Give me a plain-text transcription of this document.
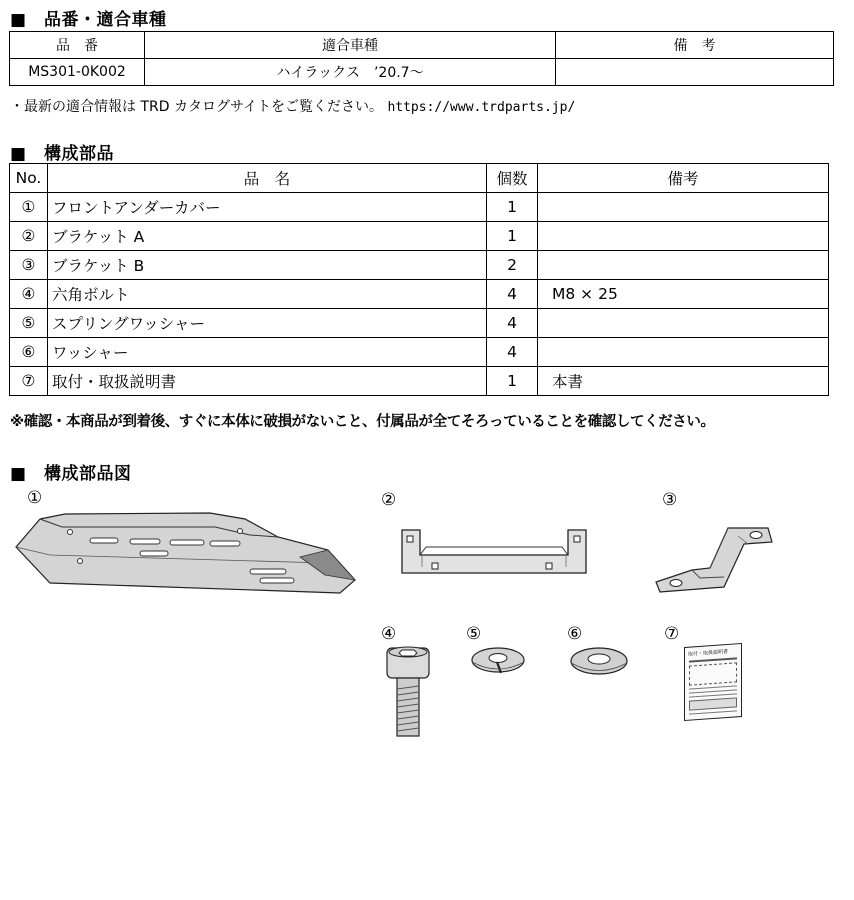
■　品番・適合車種
品　番	適合車種	備　考
MS301-0K002	ハイラックス　’20.7～	
・最新の適合情報は TRD カタログサイトをご覧ください。 https://www.trdparts.jp/
■　構成部品
No.	品　名	個数	備考
①	フロントアンダーカバー	1	
②	ブラケット A	1	
③	ブラケット B	2	
④	六角ボルト	4	M8 × 25
⑤	スプリングワッシャー	4	
⑥	ワッシャー	4	
⑦	取付・取扱説明書	1	本書
※確認・本商品が到着後、すぐに本体に破損がないこと、付属品が全てそろっていることを確認してください。
■　構成部品図
①	②	③
④	⑤	⑥	⑦
取付・取扱説明書
